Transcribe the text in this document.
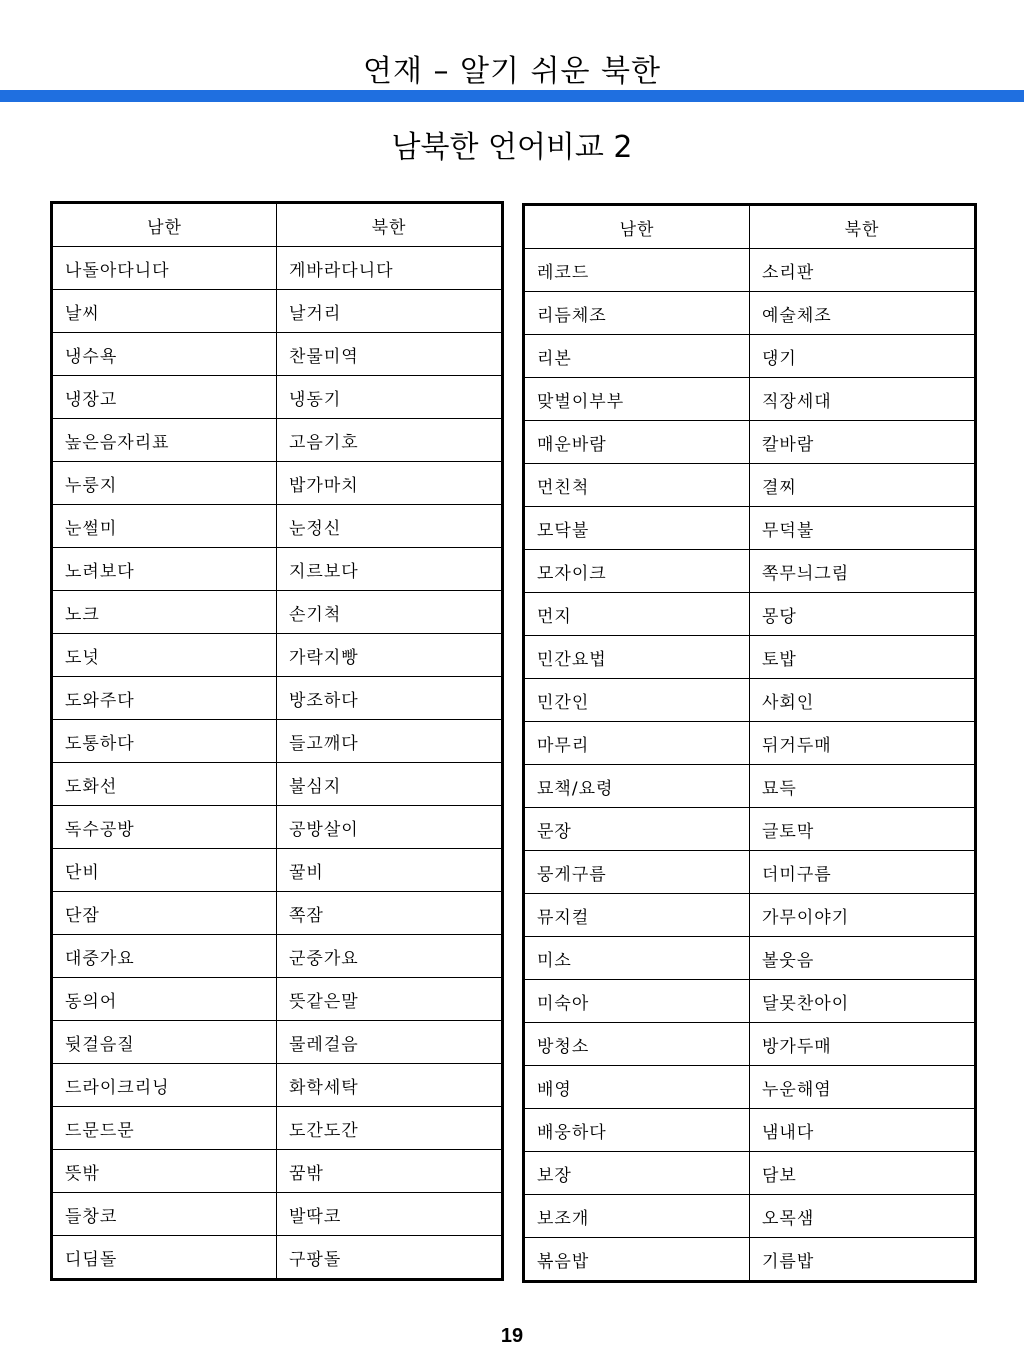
연재 – 알기 쉬운 북한
남북한 언어비교 2
남한	북한
나돌아다니다	게바라다니다
날씨	날거리
냉수욕	찬물미역
냉장고	냉동기
높은음자리표	고음기호
누룽지	밥가마치
눈썰미	눈정신
노려보다	지르보다
노크	손기척
도넛	가락지빵
도와주다	방조하다
도통하다	들고깨다
도화선	불심지
독수공방	공방살이
단비	꿀비
단잠	쪽잠
대중가요	군중가요
동의어	뜻같은말
뒷걸음질	물레걸음
드라이크리닝	화학세탁
드문드문	도간도간
뜻밖	꿈밖
들창코	발딱코
디딤돌	구팡돌
남한	북한
레코드	소리판
리듬체조	예술체조
리본	댕기
맞벌이부부	직장세대
매운바람	칼바람
먼친척	결찌
모닥불	무덕불
모자이크	쪽무늬그림
먼지	몽당
민간요법	토밥
민간인	사회인
마무리	뒤거두매
묘책/요령	묘득
문장	글토막
뭉게구름	더미구름
뮤지컬	가무이야기
미소	볼웃음
미숙아	달못찬아이
방청소	방가두매
배영	누운해염
배웅하다	냄내다
보장	담보
보조개	오목샘
볶음밥	기름밥
19
